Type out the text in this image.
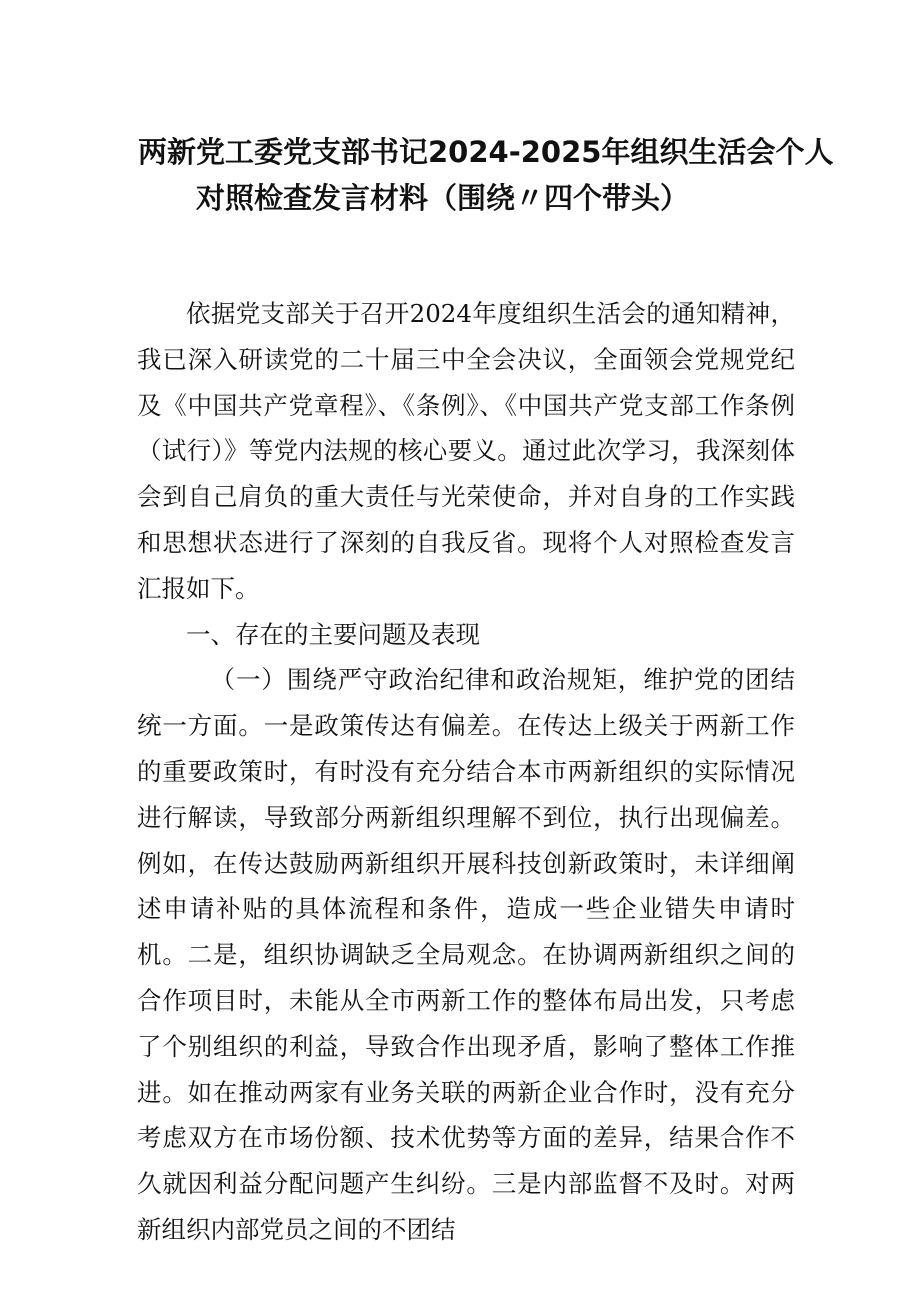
两新党工委党支部书记2024-2025年组织生活会个人
对照检查发言材料（围绕〃四个带头）

依据党支部关于召开2024年度组织生活会的通知精神，我已深入研读党的二十届三中全会决议，全面领会党规党纪及《中国共产党章程》、《条例》、《中国共产党支部工作条例（试行）》等党内法规的核心要义。通过此次学习，我深刻体会到自己肩负的重大责任与光荣使命，并对自身的工作实践和思想状态进行了深刻的自我反省。现将个人对照检查发言汇报如下。

一、存在的主要问题及表现

（一）围绕严守政治纪律和政治规矩，维护党的团结统一方面。一是政策传达有偏差。在传达上级关于两新工作的重要政策时，有时没有充分结合本市两新组织的实际情况进行解读，导致部分两新组织理解不到位，执行出现偏差。例如，在传达鼓励两新组织开展科技创新政策时，未详细阐述申请补贴的具体流程和条件，造成一些企业错失申请时机。二是，组织协调缺乏全局观念。在协调两新组织之间的合作项目时，未能从全市两新工作的整体布局出发，只考虑了个别组织的利益，导致合作出现矛盾，影响了整体工作推进。如在推动两家有业务关联的两新企业合作时，没有充分考虑双方在市场份额、技术优势等方面的差异，结果合作不久就因利益分配问题产生纠纷。三是内部监督不及时。对两新组织内部党员之间的不团结
